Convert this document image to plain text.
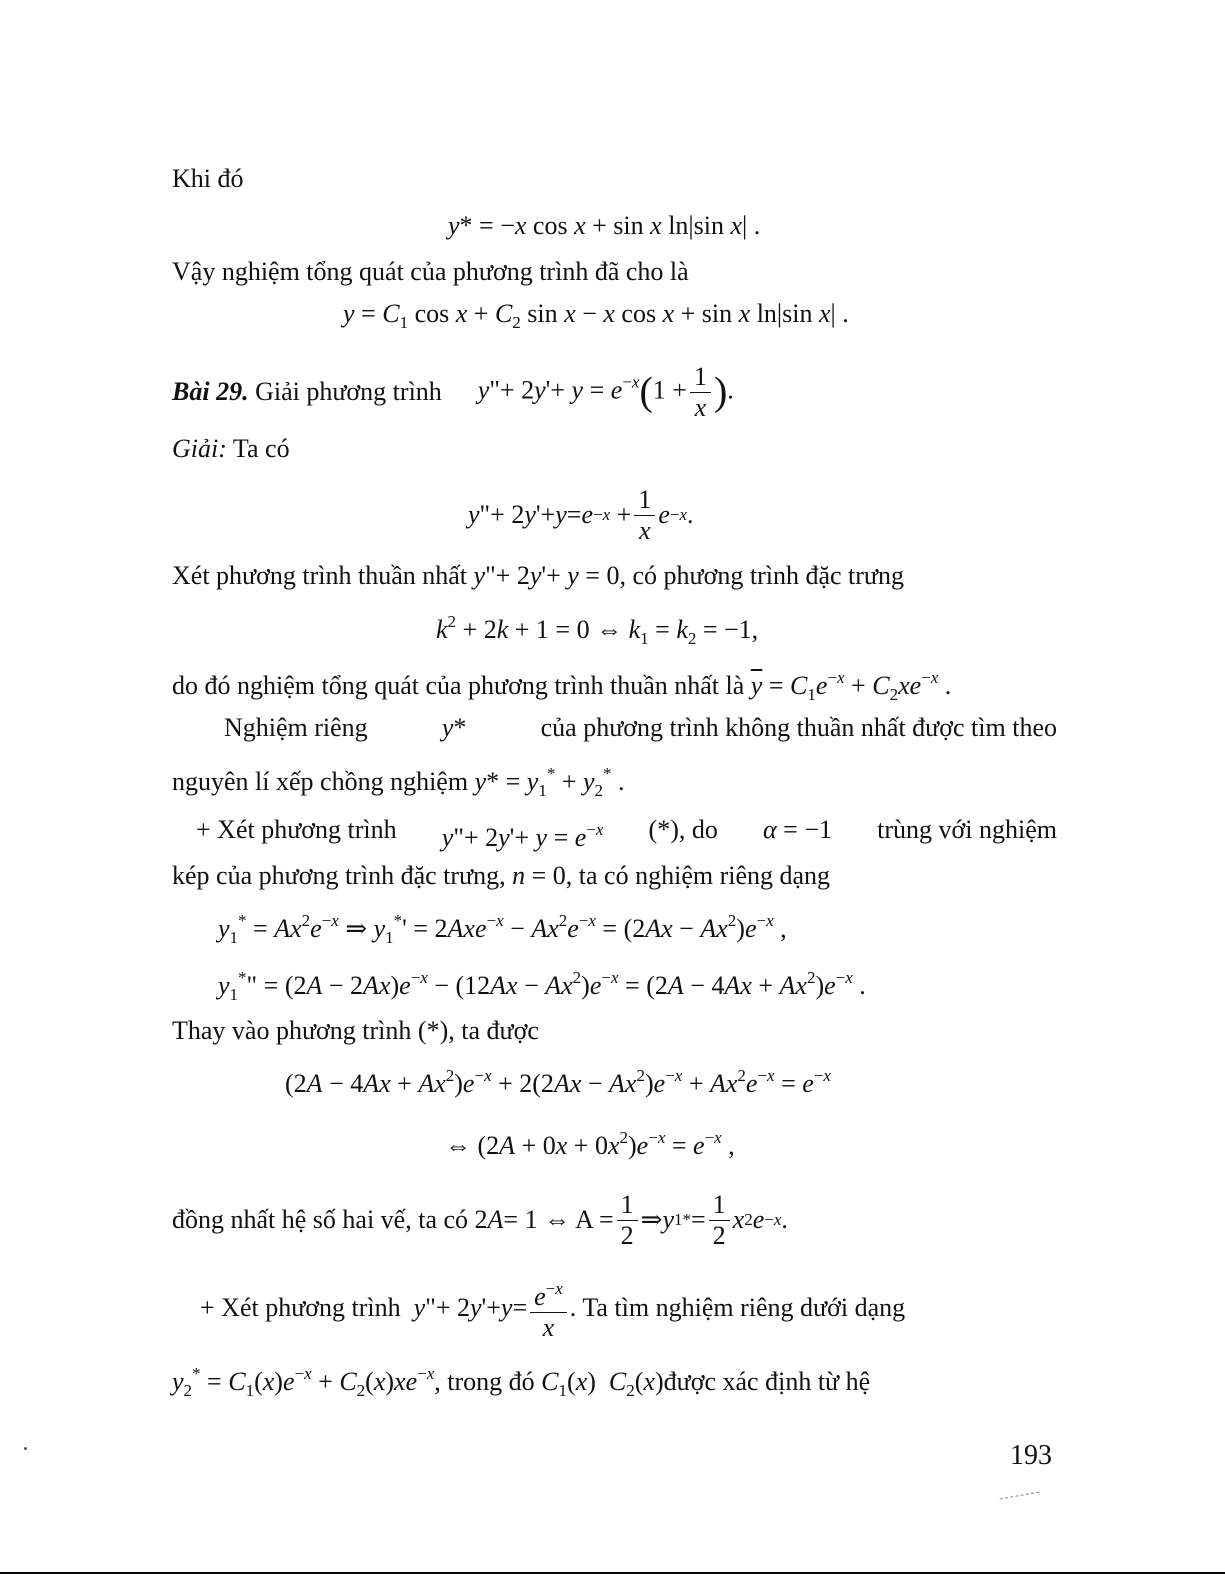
Khi đó
y* = −x cos x + sin x ln|sin x| .
Vậy nghiệm tổng quát của phương trình đã cho là
$y = C_1$ $\cos x + C_2$ sin x − x cos x + sin x ln|sin x| .
Bài 29.
Giải phương trình y"+ $2y'+ y = e^{-x}(1 + \frac{1}{x}$ ).
Giải: Ta có
y "+ 2 y '+ $y = e -x + \frac{1}{x}$ e −x .
Xét phương trình thuần nhất y"+ 2y'+ y = 0, có phương trình đặc trưng
$k^2 + 2k + 1 = 0$ ⇔ $k_1 = k_2 = -1$,
do đó nghiệm tổng quát của phương trình thuần nhất là $\overline{y} = C_1e^{-x} + C_2xe^{-x}$ .
Nghiệm riêng	y*	của phương trình không thuần nhất được tìm theo
nguyên lí xếp chồng nghiệm $y* = y_1^* + y_2^*$ .
+ Xét phương trình y"+ $2y'+ y = e^{-x}$ (*), do α = −1 trùng với nghiệm
kép của phương trình đặc trưng, n = 0, ta có nghiệm riêng dạng
$y_1^* = Ax^2e^{-x}$ ⇒ $y_1^*' = 2Axe^{-x} - Ax^2e^{-x} = (2Ax - Ax^2)e^{-x}$ ,
$y_1^*$" = $(2A - 2Ax)e^{-x} - (12Ax - Ax^2)e^{-x} = (2A - 4Ax + Ax^2)e^{-x}$ .
Thay vào phương trình (*), ta được
$(2A - 4Ax + Ax^2)e^{-x} + 2(2Ax - Ax^2)e^{-x} + Ax^2e^{-x} = e^{-x}$
⇔ $(2A + 0x + 0x^2)e^{-x} = e^{-x}$ ,
đồng nhất hệ số hai vế, ta có 2 A = 1 ⇔ $A = \frac{1}{2}$ ⇒ y 1 * = $\frac{1}{2}$ x 2 e −x .
+ Xét phương trình
y "+ 2 y '+ $y = \frac{e^{-x}}{x}$ . Ta tìm nghiệm riêng dưới dạng
$y_2^* = C_1(x)e^{-x} + C_2(x)xe^{-x}$, trong đó $C_1(x)$  $C_2(x)được$ xác định từ hệ
193
